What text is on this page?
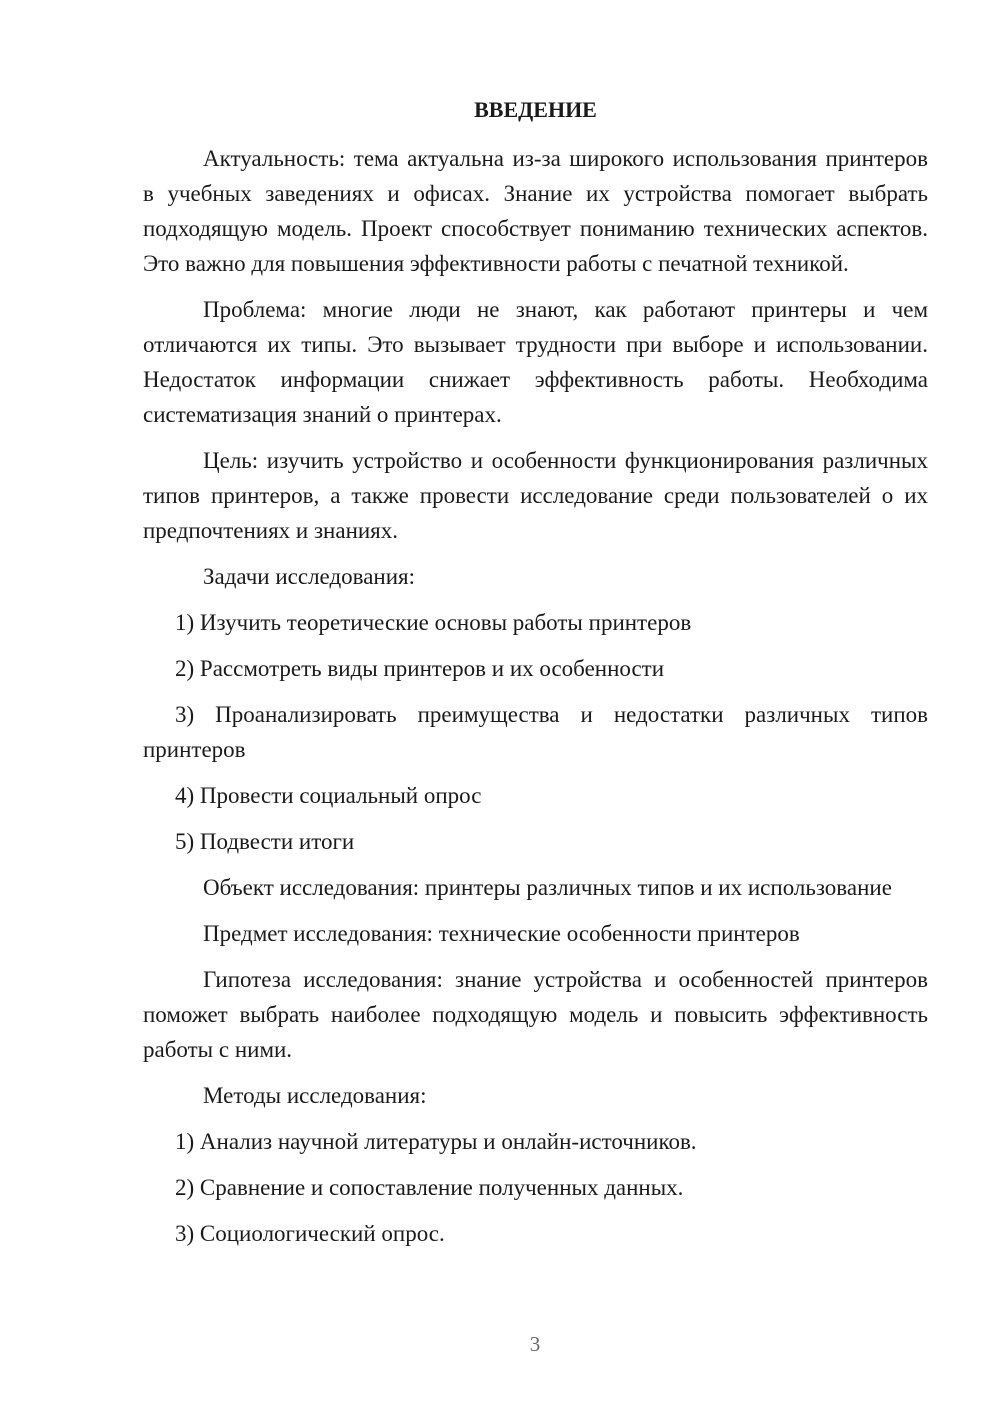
ВВЕДЕНИЕ

Актуальность: тема актуальна из-за широкого использования принтеров в учебных заведениях и офисах. Знание их устройства помогает выбрать подходящую модель. Проект способствует пониманию технических аспектов. Это важно для повышения эффективности работы с печатной техникой.

Проблема: многие люди не знают, как работают принтеры и чем отличаются их типы. Это вызывает трудности при выборе и использовании. Недостаток информации снижает эффективность работы. Необходима систематизация знаний о принтерах.

Цель: изучить устройство и особенности функционирования различных типов принтеров, а также провести исследование среди пользователей о их предпочтениях и знаниях.

Задачи исследования:

1) Изучить теоретические основы работы принтеров

2) Рассмотреть виды принтеров и их особенности

3) Проанализировать преимущества и недостатки различных типов принтеров

4) Провести социальный опрос

5) Подвести итоги

Объект исследования: принтеры различных типов и их использование

Предмет исследования: технические особенности принтеров

Гипотеза исследования: знание устройства и особенностей принтеров поможет выбрать наиболее подходящую модель и повысить эффективность работы с ними.

Методы исследования:

1) Анализ научной литературы и онлайн-источников.

2) Сравнение и сопоставление полученных данных.

3) Социологический опрос.

3
